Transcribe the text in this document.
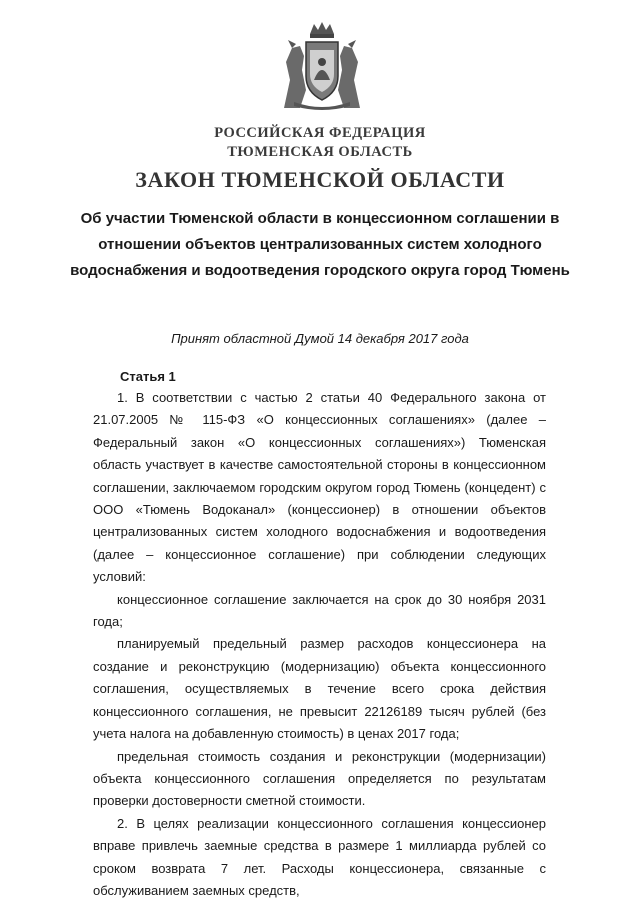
РОССИЙСКАЯ ФЕДЕРАЦИЯ
ТЮМЕНСКАЯ ОБЛАСТЬ
ЗАКОН ТЮМЕНСКОЙ ОБЛАСТИ
Об участии Тюменской области в концессионном соглашении в отношении объектов централизованных систем холодного водоснабжения и водоотведения городского округа город Тюмень
Принят областной Думой 14 декабря 2017 года
Статья 1

1. В соответствии с частью 2 статьи 40 Федерального закона от 21.07.2005 № 115-ФЗ «О концессионных соглашениях» (далее – Федеральный закон «О концессионных соглашениях») Тюменская область участвует в качестве самостоятельной стороны в концессионном соглашении, заключаемом городским округом город Тюмень (концедент) с ООО «Тюмень Водоканал» (концессионер) в отношении объектов централизованных систем холодного водоснабжения и водоотведения (далее – концессионное соглашение) при соблюдении следующих условий:

концессионное соглашение заключается на срок до 30 ноября 2031 года;

планируемый предельный размер расходов концессионера на создание и реконструкцию (модернизацию) объекта концессионного соглашения, осуществляемых в течение всего срока действия концессионного соглашения, не превысит 22126189 тысяч рублей (без учета налога на добавленную стоимость) в ценах 2017 года;

предельная стоимость создания и реконструкции (модернизации) объекта концессионного соглашения определяется по результатам проверки достоверности сметной стоимости.

2. В целях реализации концессионного соглашения концессионер вправе привлечь заемные средства в размере 1 миллиарда рублей со сроком возврата 7 лет. Расходы концессионера, связанные с обслуживанием заемных средств,
